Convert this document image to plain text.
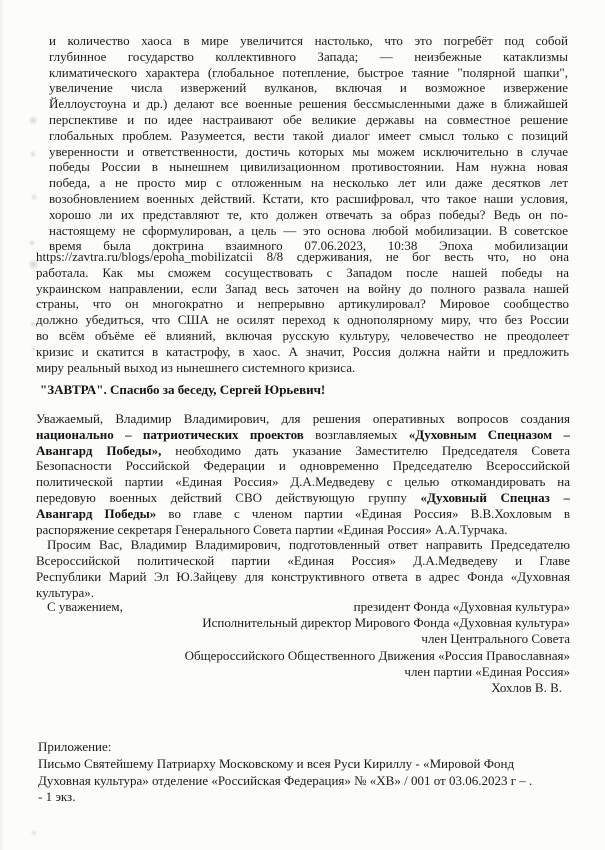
и количество хаоса в мире увеличится настолько, что это погребёт под собой
глубинное государство коллективного Запада; — неизбежные катаклизмы
климатического характера (глобальное потепление, быстрое таяние "полярной шапки",
увеличение числа извержений вулканов, включая и возможное извержение
Йеллоустоуна и др.) делают все военные решения бессмысленными даже в ближайшей
перспективе и по идее настраивают обе великие державы на совместное решение
глобальных проблем. Разумеется, вести такой диалог имеет смысл только с позиций
уверенности и ответственности, достичь которых мы можем исключительно в случае
победы России в нынешнем цивилизационном противостоянии. Нам нужна новая
победа, а не просто мир с отложенным на несколько лет или даже десятков лет
возобновлением военных действий. Кстати, кто расшифровал, что такое наши условия,
хорошо ли их представляют те, кто должен отвечать за образ победы? Ведь он по-
настоящему не сформулирован, а цель — это основа любой мобилизации. В советское
время была доктрина взаимного 07.06.2023, 10:38 Эпоха мобилизации
https://zavtra.ru/blogs/epoha_mobilizatcii 8/8 сдерживания, не бог весть что, но она
работала. Как мы сможем сосуществовать с Западом после нашей победы на
украинском направлении, если Запад весь заточен на войну до полного развала нашей
страны, что он многократно и непрерывно артикулировал? Мировое сообщество
должно убедиться, что США не осилят переход к однополярному миру, что без России
во всём объёме её влияний, включая русскую культуру, человечество не преодолеет
кризис и скатится в катастрофу, в хаос. А значит, Россия должна найти и предложить
миру реальный выход из нынешнего системного кризиса.
"ЗАВТРА". Спасибо за беседу, Сергей Юрьевич!
Уважаемый, Владимир Владимирович, для решения оперативных вопросов создания
национально – патриотических проектов возглавляемых «Духовным Спецназом –
Авангард Победы», необходимо дать указание Заместителю Председателя Совета
Безопасности Российской Федерации и одновременно Председателю Всероссийской
политической партии «Единая Россия» Д.А.Медведеву с целью откомандировать на
передовую военных действий СВО действующую группу «Духовный Спецназ –
Авангард Победы» во главе с членом партии «Единая Россия» В.В.Хохловым в
распоряжение секретаря Генерального Совета партии «Единая Россия» А.А.Турчака.
Просим Вас, Владимир Владимирович, подготовленный ответ направить Председателю
Всероссийской политической партии «Единая Россия» Д.А.Медведеву и Главе
Республики Марий Эл Ю.Зайцеву для конструктивного ответа в адрес Фонда «Духовная
культура».
С уважением,	президент Фонда «Духовная культура»
Исполнительный директор Мирового Фонда «Духовная культура»
член Центрального Совета
Общероссийского Общественного Движения «Россия Православная»
член партии «Единая Россия»
Хохлов В. В.
Приложение:
Письмо Святейшему Патриарху Московскому и всея Руси Кириллу - «Мировой Фонд
Духовная культура» отделение «Российская Федерация» № «ХВ» / 001 от 03.06.2023 г – .
- 1 экз.
